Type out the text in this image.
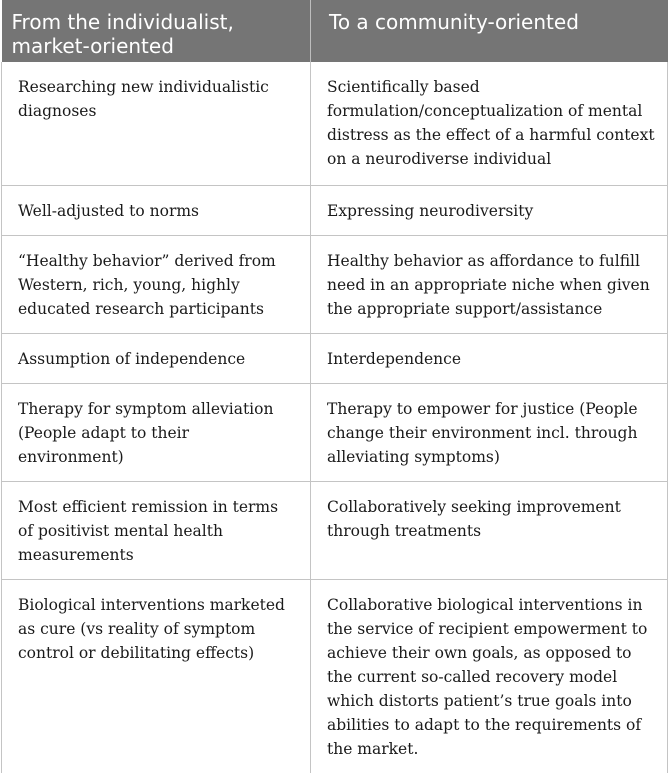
From the individualist, market-oriented	To a community-oriented
Researching new individualistic diagnoses	Scientifically based formulation/conceptualization of mental distress as the effect of a harmful context on a neurodiverse individual
Well-adjusted to norms	Expressing neurodiversity
“Healthy behavior” derived from Western, rich, young, highly educated research participants	Healthy behavior as affordance to fulfill need in an appropriate niche when given the appropriate support/assistance
Assumption of independence	Interdependence
Therapy for symptom alleviation (People adapt to their environment)	Therapy to empower for justice (People change their environment incl. through alleviating symptoms)
Most efficient remission in terms of positivist mental health measurements	Collaboratively seeking improvement through treatments
Biological interventions marketed as cure (vs reality of symptom control or debilitating effects)	Collaborative biological interventions in the service of recipient empowerment to achieve their own goals, as opposed to the current so-called recovery model which distorts patient’s true goals into abilities to adapt to the requirements of the market.
